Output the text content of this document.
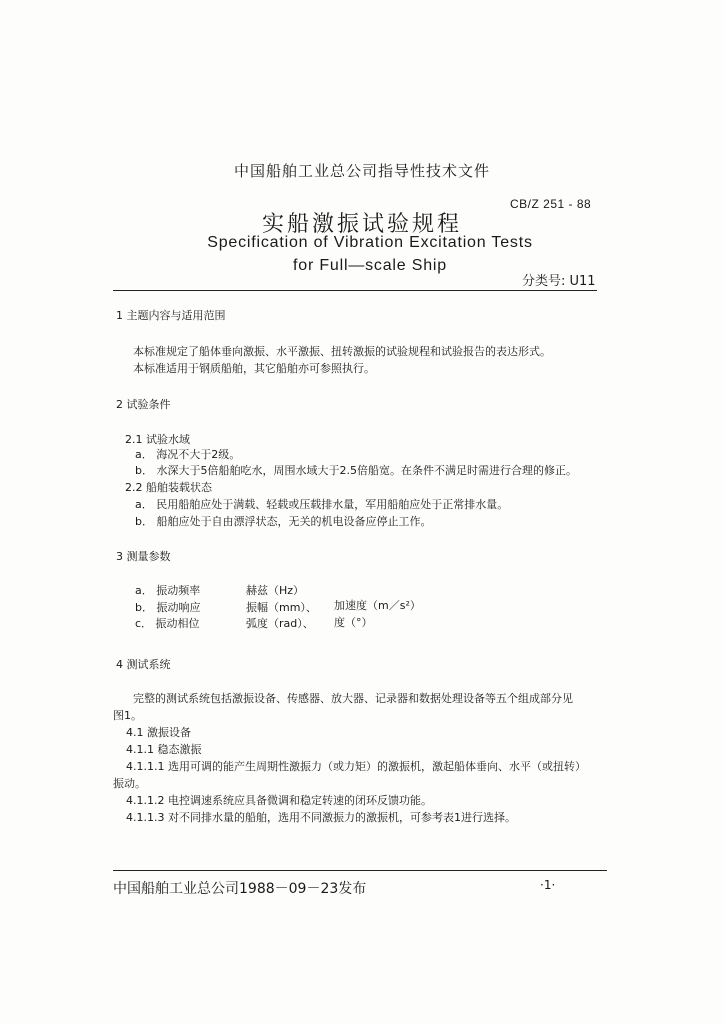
中国船舶工业总公司指导性技术文件
CB/Z 251 - 88
实船激振试验规程
Specification of Vibration Excitation Tests
for Full—scale Ship
分类号: U11
1 主题内容与适用范围
本标准规定了船体垂向激振、水平激振、扭转激振的试验规程和试验报告的表达形式。
本标准适用于钢质船舶，其它船舶亦可参照执行。
2 试验条件
2.1 试验水域
a． 海况不大于2级。
b． 水深大于5倍船舶吃水，周围水域大于2.5倍船宽。在条件不满足时需进行合理的修正。
2.2 船舶装载状态
a． 民用船舶应处于满载、轻载或压载排水量，军用船舶应处于正常排水量。
b． 船舶应处于自由漂浮状态，无关的机电设备应停止工作。
3 测量参数
a． 振动频率	赫兹（Hz）
b． 振动响应	振幅（mm）、 加速度（m／s²）
c． 振动相位	弧度（rad）、 度（°）
4 测试系统
完整的测试系统包括激振设备、传感器、放大器、记录器和数据处理设备等五个组成部分见
图1。
4.1 激振设备
4.1.1 稳态激振
4.1.1.1 选用可调的能产生周期性激振力（或力矩）的激振机，激起船体垂向、水平（或扭转）
振动。
4.1.1.2 电控调速系统应具备微调和稳定转速的闭环反馈功能。
4.1.1.3 对不同排水量的船舶，选用不同激振力的激振机，可参考表1进行选择。
中国船舶工业总公司1988－09－23发布	·1·
